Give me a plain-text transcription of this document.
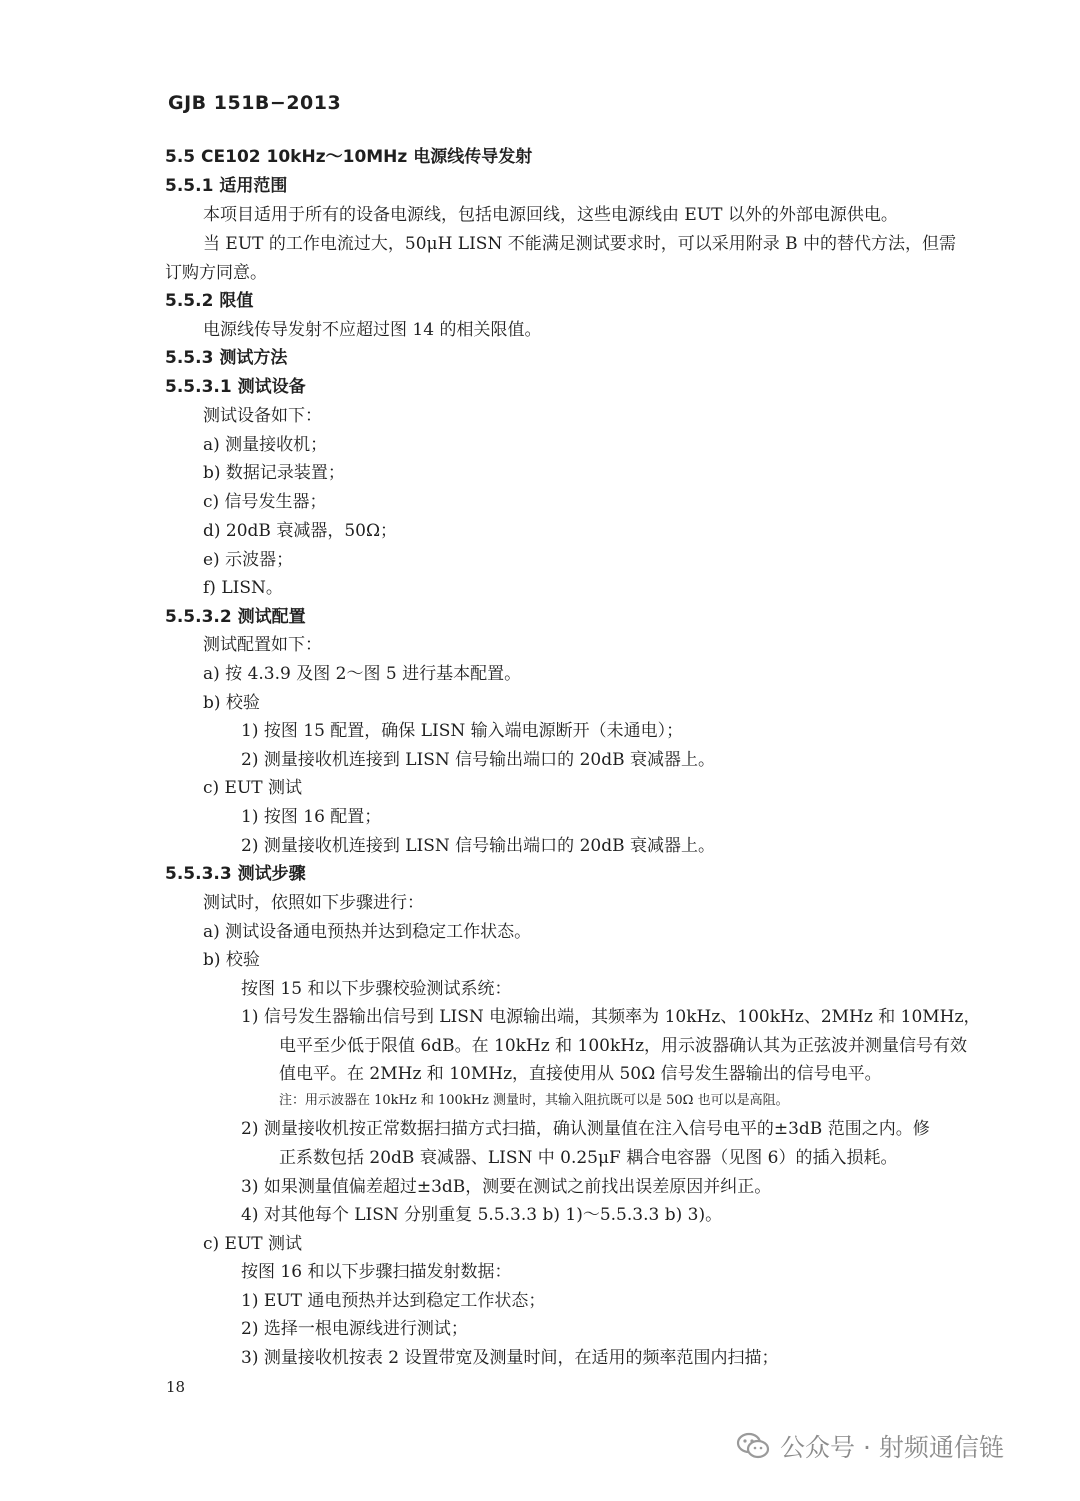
GJB 151B−2013
5.5 CE102 10kHz～10MHz 电源线传导发射
5.5.1 适用范围
本项目适用于所有的设备电源线，包括电源回线，这些电源线由 EUT 以外的外部电源供电。
当 EUT 的工作电流过大，50μH LISN 不能满足测试要求时，可以采用附录 B 中的替代方法，但需
订购方同意。
5.5.2 限值
电源线传导发射不应超过图 14 的相关限值。
5.5.3 测试方法
5.5.3.1 测试设备
测试设备如下：
a) 测量接收机；
b) 数据记录装置；
c) 信号发生器；
d) 20dB 衰减器，50Ω；
e) 示波器；
f) LISN。
5.5.3.2 测试配置
测试配置如下：
a) 按 4.3.9 及图 2～图 5 进行基本配置。
b) 校验
1) 按图 15 配置，确保 LISN 输入端电源断开（未通电）；
2) 测量接收机连接到 LISN 信号输出端口的 20dB 衰减器上。
c) EUT 测试
1) 按图 16 配置；
2) 测量接收机连接到 LISN 信号输出端口的 20dB 衰减器上。
5.5.3.3 测试步骤
测试时，依照如下步骤进行：
a) 测试设备通电预热并达到稳定工作状态。
b) 校验
按图 15 和以下步骤校验测试系统：
1) 信号发生器输出信号到 LISN 电源输出端，其频率为 10kHz、100kHz、2MHz 和 10MHz，
电平至少低于限值 6dB。在 10kHz 和 100kHz，用示波器确认其为正弦波并测量信号有效
值电平。在 2MHz 和 10MHz，直接使用从 50Ω 信号发生器输出的信号电平。
注：用示波器在 10kHz 和 100kHz 测量时，其输入阻抗既可以是 50Ω 也可以是高阻。
2) 测量接收机按正常数据扫描方式扫描，确认测量值在注入信号电平的±3dB 范围之内。修
正系数包括 20dB 衰减器、LISN 中 0.25μF 耦合电容器（见图 6）的插入损耗。
3) 如果测量值偏差超过±3dB，测要在测试之前找出误差原因并纠正。
4) 对其他每个 LISN 分别重复 5.5.3.3 b) 1)～5.5.3.3 b) 3)。
c) EUT 测试
按图 16 和以下步骤扫描发射数据：
1) EUT 通电预热并达到稳定工作状态；
2) 选择一根电源线进行测试；
3) 测量接收机按表 2 设置带宽及测量时间，在适用的频率范围内扫描；
18
公众号 · 射频通信链
